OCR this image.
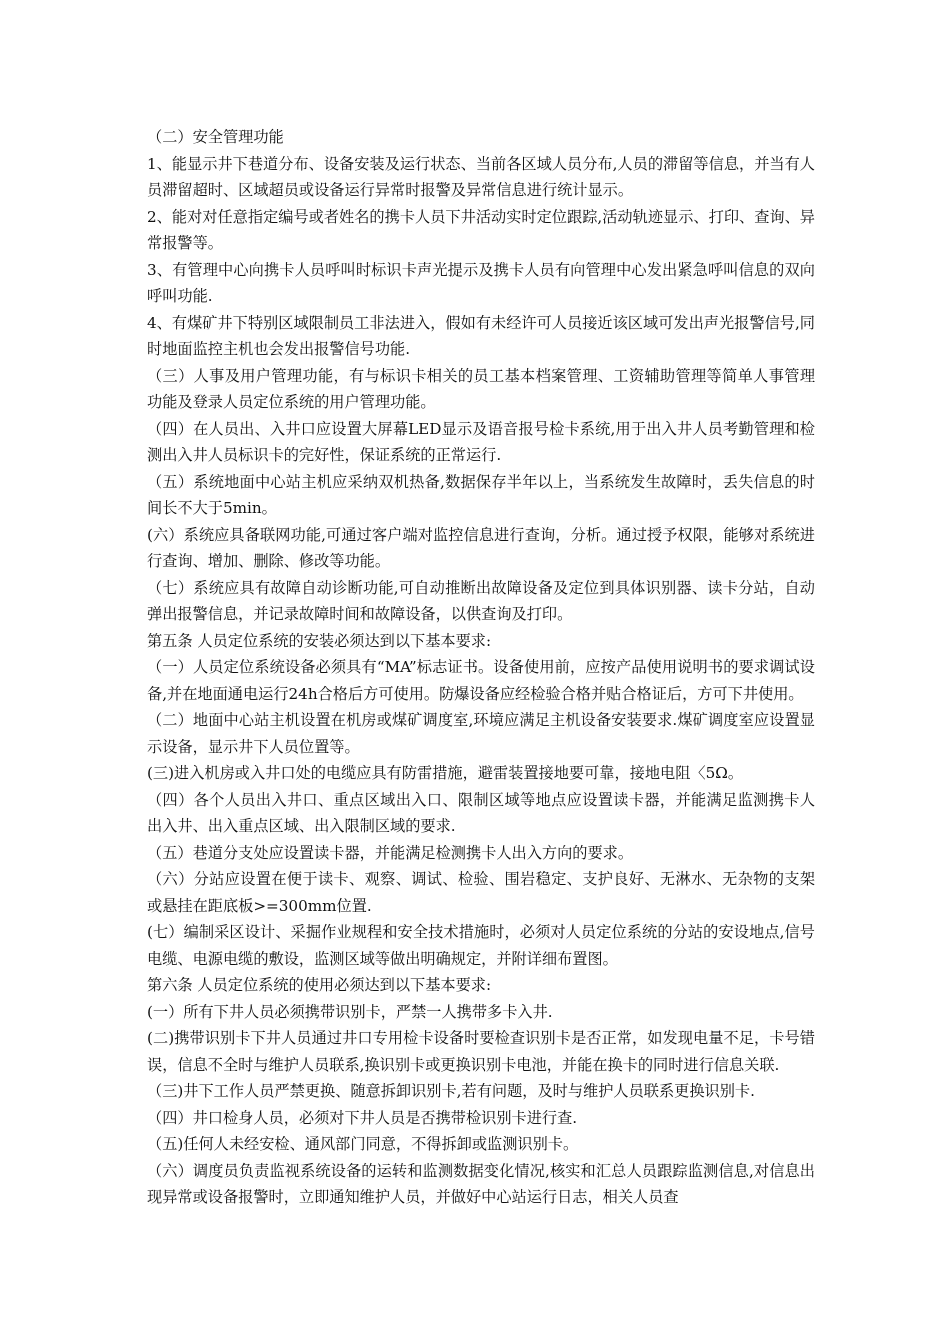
（二）安全管理功能

1、能显示井下巷道分布、设备安装及运行状态、当前各区域人员分布,人员的滞留等信息，并当有人员滞留超时、区域超员或设备运行异常时报警及异常信息进行统计显示。

2、能对对任意指定编号或者姓名的携卡人员下井活动实时定位跟踪,活动轨迹显示、打印、查询、异常报警等。

3、有管理中心向携卡人员呼叫时标识卡声光提示及携卡人员有向管理中心发出紧急呼叫信息的双向呼叫功能.

4、有煤矿井下特别区域限制员工非法进入，假如有未经许可人员接近该区域可发出声光报警信号,同时地面监控主机也会发出报警信号功能.

（三）人事及用户管理功能，有与标识卡相关的员工基本档案管理、工资辅助管理等简单人事管理功能及登录人员定位系统的用户管理功能。

（四）在人员出、入井口应设置大屏幕LED显示及语音报号检卡系统,用于出入井人员考勤管理和检测出入井人员标识卡的完好性，保证系统的正常运行.

（五）系统地面中心站主机应采纳双机热备,数据保存半年以上，当系统发生故障时，丢失信息的时间长不大于5min。

(六）系统应具备联网功能,可通过客户端对监控信息进行查询，分析。通过授予权限，能够对系统进行查询、增加、删除、修改等功能。

（七）系统应具有故障自动诊断功能,可自动推断出故障设备及定位到具体识别器、读卡分站，自动弹出报警信息，并记录故障时间和故障设备，以供查询及打印。

第五条 人员定位系统的安装必须达到以下基本要求:

（一）人员定位系统设备必须具有“MA”标志证书。设备使用前，应按产品使用说明书的要求调试设备,并在地面通电运行24h合格后方可使用。防爆设备应经检验合格并贴合格证后，方可下井使用。

（二）地面中心站主机设置在机房或煤矿调度室,环境应满足主机设备安装要求.煤矿调度室应设置显示设备，显示井下人员位置等。

(三)进入机房或入井口处的电缆应具有防雷措施，避雷装置接地要可靠，接地电阻〈5Ω。

（四）各个人员出入井口、重点区域出入口、限制区域等地点应设置读卡器，并能满足监测携卡人出入井、出入重点区域、出入限制区域的要求.

（五）巷道分支处应设置读卡器，并能满足检测携卡人出入方向的要求。

（六）分站应设置在便于读卡、观察、调试、检验、围岩稳定、支护良好、无淋水、无杂物的支架或悬挂在距底板>=300mm位置.

(七）编制采区设计、采掘作业规程和安全技术措施时，必须对人员定位系统的分站的安设地点,信号电缆、电源电缆的敷设，监测区域等做出明确规定，并附详细布置图。

第六条 人员定位系统的使用必须达到以下基本要求:

(一）所有下井人员必须携带识别卡，严禁一人携带多卡入井.

(二)携带识别卡下井人员通过井口专用检卡设备时要检查识别卡是否正常，如发现电量不足，卡号错误，信息不全时与维护人员联系,换识别卡或更换识别卡电池，并能在换卡的同时进行信息关联.

（三)井下工作人员严禁更换、随意拆卸识别卡,若有问题，及时与维护人员联系更换识别卡.

（四）井口检身人员，必须对下井人员是否携带检识别卡进行查.

（五)任何人未经安检、通风部门同意，不得拆卸或监测识别卡。

（六）调度员负责监视系统设备的运转和监测数据变化情况,核实和汇总人员跟踪监测信息,对信息出现异常或设备报警时，立即通知维护人员，并做好中心站运行日志，相关人员查
